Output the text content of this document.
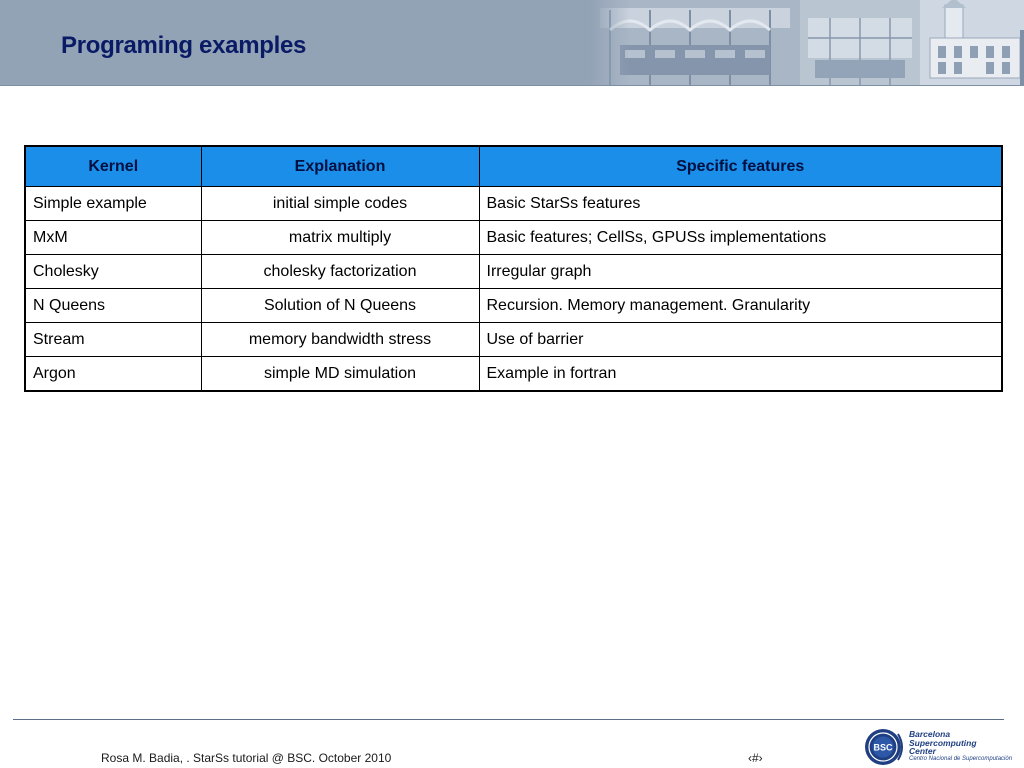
Programing examples
Kernel	Explanation	Specific features
Simple example	initial simple codes	Basic StarSs features
MxM	matrix multiply	Basic features; CellSs, GPUSs implementations
Cholesky	cholesky factorization	Irregular graph
N Queens	Solution of N Queens	Recursion. Memory management. Granularity
Stream	memory bandwidth stress	Use of barrier
Argon	simple MD simulation	Example in fortran
Rosa M. Badia, . StarSs tutorial @ BSC. October 2010	‹#›
BSC
Barcelona
Supercomputing
Center
Centro Nacional de Supercomputación
